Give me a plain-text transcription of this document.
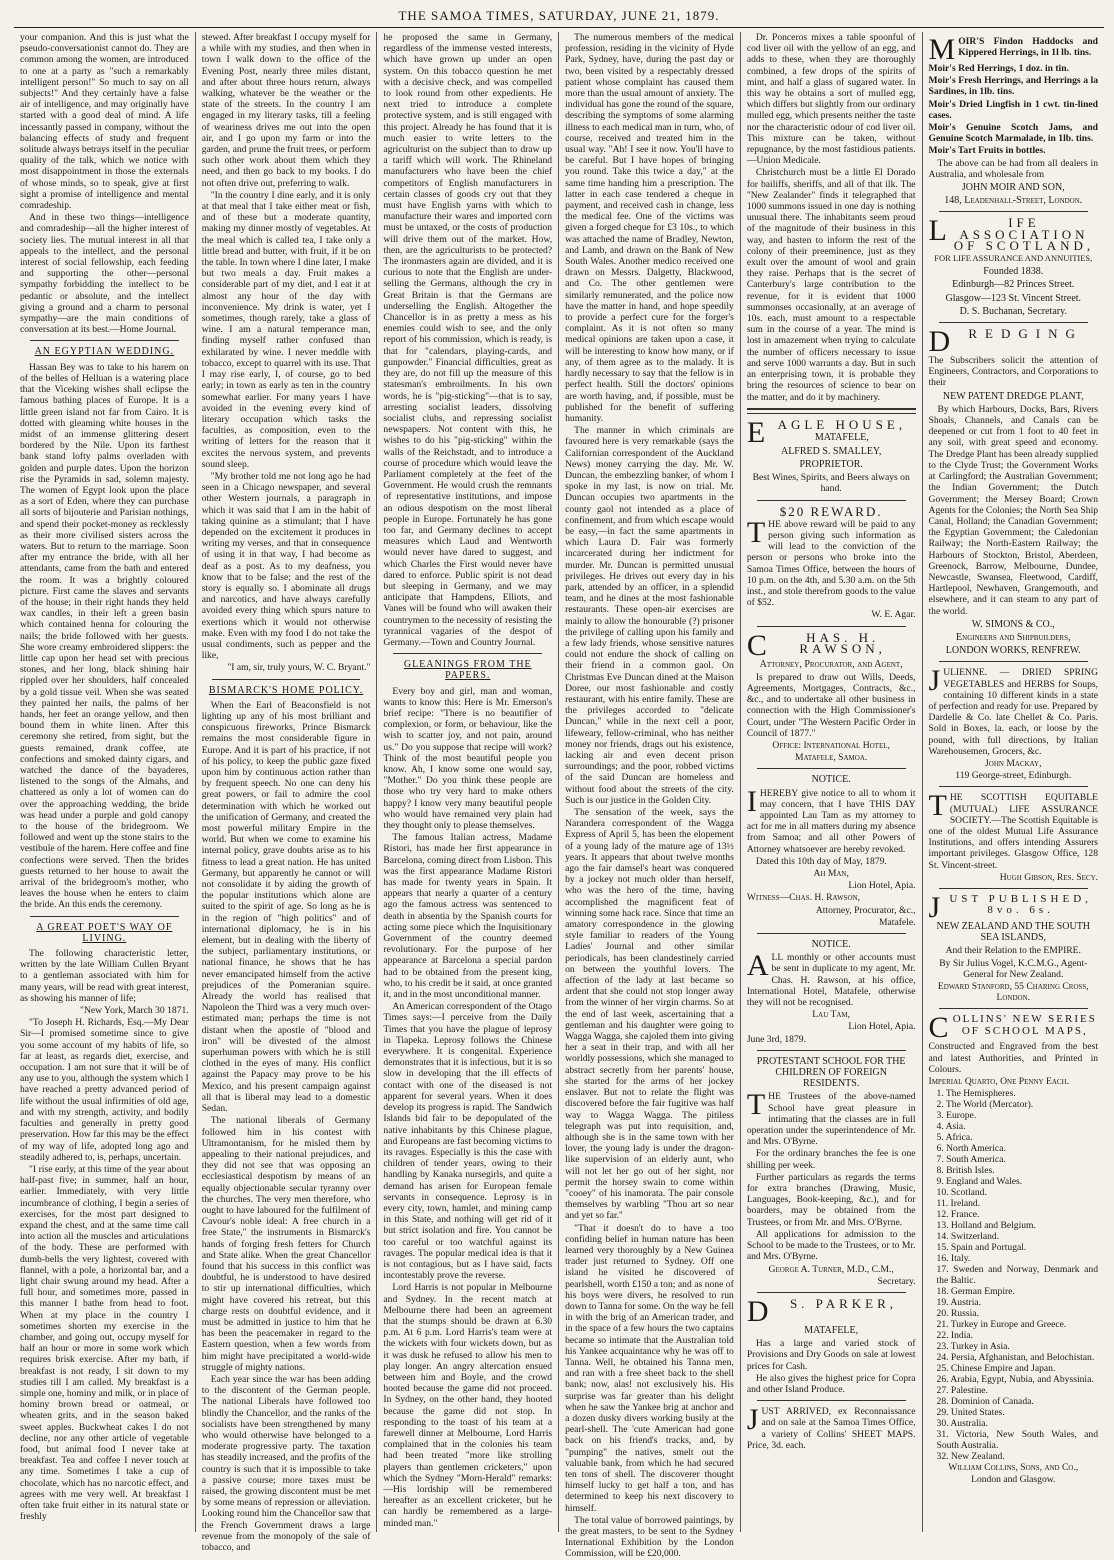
THE SAMOA TIMES, SATURDAY, JUNE 21, 1879.

your companion. And this is just what the pseudo-conversationist cannot do. They are common among the women, are introduced to one at a party as "such a remarkably intelligent person!" So much to say on all subjects!" And they certainly have a false air of intelligence, and may originally have started with a good deal of mind. A life incessantly passed in company, without the balancing effects of study and frequent solitude always betrays itself in the peculiar quality of the talk, which we notice with most disappointment in those the externals of whose minds, so to speak, give at first sight a promise of intelligence and mental comradeship.

And in these two things—intelligence and comradeship—all the higher interest of society lies. The mutual interest in all that appeals to the intellect, and the personal interest of social fellowship, each feeding and supporting the other—personal sympathy forbidding the intellect to be pedantic or absolute, and the intellect giving a ground and a charm to personal sympathy—are the main conditions of conversation at its best.—Home Journal.

AN EGYPTIAN WEDDING.

Hassan Bey was to take to his harem on of the belles of Helluan is a watering place that the Viceking wishes shall eclipse the famous bathing places of Europe. It is a little green island not far from Cairo. It is dotted with gleaming white houses in the midst of an immense glittering desert bordered by the Nile. Upon its farthest bank stand lofty palms overladen with golden and purple dates. Upon the horizon rise the Pyramids in sad, solemn majesty. The women of Egypt look upon the place as a sort of Eden, where they can purchase all sorts of bijouterie and Parisian nothings, and spend their pocket-money as recklessly as their more civilised sisters across the waters. But to return to the marriage. Soon after my entrance the bride, with all her attendants, came from the bath and entered the room. It was a brightly coloured picture. First came the slaves and servants of the house; in their right hands they held wax candles, in their left a green basin which contained henna for colouring the nails; the bride followed with her guests. She wore creamy embroidered slippers: the little cap upon her head set with precious stones, and her long, black shining hair rippled over her shoulders, half concealed by a gold tissue veil. When she was seated they painted her nails, the palms of her hands, her feet an orange yellow, and then bound them in white linen. After this ceremony she retired, from sight, but the guests remained, drank coffee, ate confections and smoked dainty cigars, and watched the dance of the bayaderes, listened to the songs of the Almahs, and chattered as only a lot of women can do over the approaching wedding, the bride was head under a purple and gold canopy to the house of the bridegroom. We followed and went up the stone stairs to the vestibule of the harem. Here coffee and fine confections were served. Then the brides guests returned to her house to await the arrival of the bridegroom's mother, who leaves the house when he enters to claim the bride. An this ends the ceremony.

A GREAT POET'S WAY OF LIVING.

The following characteristic letter, written by the late William Cullen Bryant to a gentleman associated with him for many years, will be read with great interest, as showing his manner of life;

"New York, March 30 1871.

"To Joseph H. Richards, Esq.—My Dear Sir—I promised sometime since to give you some account of my habits of life, so far at least, as regards diet, exercise, and occupation. I am not sure that it will be of any use to you, although the system which I have reached a pretty advanced period of life without the usual infirmities of old age, and with my strength, activity, and bodily faculties and generally in pretty good preservation. How far this may be the effect of my way of life, adopted long ago and steadily adhered to, is, perhaps, uncertain.

"I rise early, at this time of the year about half-past five; in summer, half an hour, earlier. Immediately, with very little incumbrance of clothing, I begin a series of exercises, for the most part designed to expand the chest, and at the same time call into action all the muscles and articulations of the body. These are performed with dumb-bells the very lightest, covered with flannel, with a pole, a horizontal bar, and a light chair swung around my head. After a full hour, and sometimes more, passed in this manner I bathe from head to foot. When at my place in the country I sometimes shorten my exercise in the chamber, and going out, occupy myself for half an hour or more in some work which requires brisk exercise. After my bath, if breakfast is not ready, I sit down to my studies till I am called. My breakfast is a simple one, hominy and milk, or in place of hominy brown bread or oatmeal, or wheaten grits, and in the season baked sweet apples. Buckwheat cakes I do not decline, nor any other article of vegetable food, but animal food I never take at breakfast. Tea and coffee I never touch at any time. Sometimes I take a cup of chocolate, which has no narcotic effect, and agrees with me very well. At breakfast I often take fruit either in its natural state or freshly

stewed. After breakfast I occupy myself for a while with my studies, and then when in town I walk down to the office of the Evening Post, nearly three miles distant, and after about three hours return, always walking, whatever be the weather or the state of the streets. In the country I am engaged in my literary tasks, till a feeling of weariness drives me out into the open air, and I go upon my farm or into the garden, and prune the fruit trees, or perform such other work about them which they need, and then go back to my books. I do not often drive out, preferring to walk.

"In the country I dine early, and it is only at that meal that I take either meat or fish, and of these but a moderate quantity, making my dinner mostly of vegetables. At the meal which is called tea, I take only a little bread and butter, with fruit, if it be on the table. In town where I dine later, I make but two meals a day. Fruit makes a considerable part of my diet, and I eat it at almost any hour of the day with inconvenience. My drink is water, yet I sometimes, though rarely, take a glass of wine. I am a natural temperance man, finding myself rather confused than exhilarated by wine. I never meddle with tobacco, except to quarrel with its use. That I may rise early, I, of course, go to bed early; in town as early as ten in the country somewhat earlier. For many years I have avoided in the evening every kind of literary occupation which tasks the faculties, as composition, even to the writing of letters for the reason that it excites the nervous system, and prevents sound sleep.

"My brother told me not long ago he had seen in a Chicago newspaper, and several other Western journals, a paragraph in which it was said that I am in the habit of taking quinine as a stimulant; that I have depended on the excitement it produces in writing my verses, and that in consequence of using it in that way, I had become as deaf as a post. As to my deafness, you know that to be false; and the rest of the story is equally so. I abominate all drugs and narcotics, and have always carefully avoided every thing which spurs nature to exertions which it would not otherwise make. Even with my food I do not take the usual condiments, such as pepper and the like,

"I am, sir, truly yours, W. C. Bryant."

BISMARCK'S HOME POLICY.

When the Earl of Beaconsfield is not lighting up any of his most brilliant and conspicuous fireworks, Prince Bismarck remains the most considerable figure in Europe. And it is part of his practice, if not of his policy, to keep the public gaze fixed upon him by continuous action rather than by frequent speech. No one can deny his great powers, or fail to admire the cool determination with which he worked out the unification of Germany, and created the most powerful military Empire in the world. But when we come to examine his internal policy, grave doubts arise as to his fitness to lead a great nation. He has united Germany, but apparently he cannot or will not consolidate it by aiding the growth of the popular institutions which alone are suited to the spirit of age. So long as he is in the region of "high politics" and of international diplomacy, he is in his element, but in dealing with the liberty of the subject, parliamentary institutions, or national finance, he shows that he has never emancipated himself from the active prejudices of the Pomeranian squire. Already the world has realised that Napoleon the Third was a very much over-estimated man; perhaps the time is not distant when the apostle of "blood and iron" will be divested of the almost superhuman powers with which he is still clothed in the eyes of many. His conflict against the Papacy may prove to be his Mexico, and his present campaign against all that is liberal may lead to a domestic Sedan.

The national liberals of Germany followed him in his contest with Ultramontanism, for he misled them by appealing to their national prejudices, and they did not see that was opposing an ecclesiastical despotism by means of an equally objectionable secular tyranny over the churches. The very men therefore, who ought to have laboured for the fulfilment of Cavour's noble ideal: A free church in a free State," the instruments in Bismarck's hands of forging fresh fetters for Church and State alike. When the great Chancellor found that his success in this conflict was doubtful, he is understood to have desired to stir up international difficulties, which might have covered his retreat, but this charge rests on doubtful evidence, and it must be admitted in justice to him that he has been the peacemaker in regard to the Eastern question, when a few words from him might have precipitated a world-wide struggle of mighty nations.

Each year since the war has been adding to the discontent of the German people. The national Liberals have followed too blindly the Chancellor, and the ranks of the socialists have been strengthened by many who would otherwise have belonged to a moderate progressive party. The taxation has steadily increased, and the profits of the country is such that it is impossible to take a passive course; more taxes must be raised, the growing discontent must be met by some means of repression or alleviation. Looking round him the Chancellor saw that the French Government draws a large revenue from the monopoly of the sale of tobacco, and

he proposed the same in Germany, regardless of the immense vested interests, which have grown up under an open system. On this tobacco question he met with a decisive check, and was compelled to look round from other expedients. He next tried to introduce a complete protective system, and is still engaged with this project. Already he has found that it is much easier to write letters to the agriculturist on the subject than to draw up a tariff which will work. The Rhineland manufacturers who have been the chief competitors of English manufacturers in certain classes of goods cry out that they must have English yarns with which to manufacture their wares and imported corn must be untaxed, or the costs of production will drive them out of the market. How, then, are the agriculturists to be protected? The ironmasters again are divided, and it is curious to note that the English are under-selling the Germans, although the cry in Great Britain is that the Germans are underselling the English. Altogether the Chancellor is in as pretty a mess as his enemies could wish to see, and the only report of his commission, which is ready, is that for "calendars, playing-cards, and gunpowder." Financial difficulties, great as they are, do not fill up the measure of this statesman's embroilments. In his own words, he is "pig-sticking"—that is to say, arresting socialist leaders, dissolving socialist clubs, and repressing socialist newspapers. Not content with this, he wishes to do his "pig-sticking" within the walls of the Reichstadt, and to introduce a course of procedure which would leave the Parliament completely at the feet of the Government. He would crush the remnants of representative institutions, and impose an odious despotism on the most liberal people in Europe. Fortunately he has gone too far, and Germany declines to accept measures which Laud and Wentworth would never have dared to suggest, and which Charles the First would never have dared to enforce. Public spirit is not dead but sleeping in Germany, and we may anticipate that Hampdens, Elliots, and Vanes will be found who will awaken their countrymen to the necessity of resisting the tyrannical vagaries of the despot of Germany.—Town and Country Journal.

GLEANINGS FROM THE PAPERS.

Every boy and girl, man and woman, wants to know this: Here is Mr. Emerson's brief recipe: "There is no beautifier of complexion, or form, or behaviour, like the wish to scatter joy, and not pain, around us." Do you suppose that recipe will work? Think of the most beautiful people you know. Ah, I know some one would say, "Mother." Do you think these people are those who try very hard to make others happy? I know very many beautiful people who would have remained very plain had they thought only to please themselves.

The famous Italian actress, Madame Ristori, has made her first appearance in Barcelona, coming direct from Lisbon. This was the first appearance Madame Ristori has made for twenty years in Spain. It appears that nearly a quarter of a century ago the famous actress was sentenced to death in absentia by the Spanish courts for acting some piece which the Inquisitionary Government of the country deemed revolutionary. For the purpose of her appearance at Barcelona a special pardon had to be obtained from the present king, who, to his credit be it said, at once granted it, and in the most unconditional manner.

An American correspondent of the Otago Times says:—I perceive from the Daily Times that you have the plague of leprosy in Tiapeka. Leprosy follows the Chinese everywhere. It is congenital. Experience demonstrates that it is infectious, but it is so slow in developing that the ill effects of contact with one of the diseased is not apparent for several years. When it does develop its progress is rapid. The Sandwich Islands bid fair to be depopulated of the native inhabitants by this Chinese plague, and Europeans are fast becoming victims to its ravages. Especially is this the case with children of tender years, owing to their handling by Kanaka nursegirls, and quite a demand has arisen for European female servants in consequence. Leprosy is in every city, town, hamlet, and mining camp in this State, and nothing will get rid of it but strict isolation and fire. You cannot be too careful or too watchful against its ravages. The popular medical idea is that it is not contagious, but as I have said, facts incontestably prove the reverse.

Lord Harris is not popular in Melbourne and Sydney. In the recent match at Melbourne there had been an agreement that the stumps should be drawn at 6.30 p.m. At 6 p.m. Lord Harris's team were at the wickets with four wickets down, but as it was dusk he refused to allow his men to play longer. An angry altercation ensued between him and Boyle, and the crowd hooted because the game did not proceed. In Sydney, on the other hand, they hooted because the game did not stop. In responding to the toast of his team at a farewell dinner at Melbourne, Lord Harris complained that in the colonies his team had been treated "more like strolling players than gentlemen cricketers," upon which the Sydney "Morn-Herald" remarks:—His lordship will be remembered hereafter as an excellent cricketer, but he can hardly be remembered as a large-minded man."

The numerous members of the medical profession, residing in the vicinity of Hyde Park, Sydney, have, during the past day or two, been visited by a respectably dressed patient whose complaint has caused them more than the usual amount of anxiety. The individual has gone the round of the square, describing the symptoms of some alarming illness to each medical man in turn, who, of course, received and treated him in the usual way. "Ah! I see it now. You'll have to be careful. But I have hopes of bringing you round. Take this twice a day," at the same time handing him a prescription. The latter in each case tendered a cheque in payment, and received cash in change, less the medical fee. One of the victims was given a forged cheque for £3 10s., to which was attached the name of Bradley, Newton, and Lamb, and drawn on the Bank of New South Wales. Another medico received one drawn on Messrs. Dalgetty, Blackwood, and Co. The other gentlemen were similarly remunerated, and the police now have the matter in hand, and hope speedily to provide a perfect cure for the forger's complaint. As it is not often so many medical opinions are taken upon a case, it will be interesting to know how many, or if any, of them agree as to the malady. It is hardly necessary to say that the fellow is in perfect health. Still the doctors' opinions are worth having, and, if possible, must be published for the benefit of suffering humanity.

The manner in which criminals are favoured here is very remarkable (says the Californian correspondent of the Auckland News) money carrying the day. Mr. W. Duncan, the embezzling banker, of whom I spoke in my last, is now on trial. Mr. Duncan occupies two apartments in the county gaol not intended as a place of confinement, and from which escape would be easy,—in fact the same apartments in which Laura D. Fair was formerly incarcerated during her indictment for murder. Mr. Duncan is permitted unusual privileges. He drives out every day in his park, attended by an officer, in a splendid team, and he dines at the most fashionable restaurants. These open-air exercises are mainly to allow the honourable (?) prisoner the privilege of calling upon his family and a few lady friends, whose sensitive natures could not endure the shock of calling on their friend in a common gaol. On Christmas Eve Duncan dined at the Maison Doree, our most fashionable and costly restaurant, with his entire family. These are the privileges accorded to "delicate Duncan," while in the next cell a poor, lifeweary, fellow-criminal, who has neither money nor friends, drags out his existence, lacking air and even decent prison surroundings; and the poor, robbed victims of the said Duncan are homeless and without food about the streets of the city. Such is our justice in the Golden City.

The sensation of the week, says the Narandera correspondent of the Wagga Express of April 5, has been the elopement of a young lady of the mature age of 13½ years. It appears that about twelve months ago the fair damsel's heart was conquered by a jockey not much older than herself, who was the hero of the time, having accomplished the magnificent feat of winning some hack race. Since that time an amatory correspondence in the glowing style familiar to readers of the Young Ladies' Journal and other similar periodicals, has been clandestinely carried on between the youthful lovers. The affection of the lady at last became so ardent that she could not stop longer away from the winner of her virgin charms. So at the end of last week, ascertaining that a gentleman and his daughter were going to Wagga Wagga, she cajoled them into giving her a seat in their trap, and with all her worldly possessions, which she managed to abstract secretly from her parents' house, she started for the arms of her jockey enslaver. But not to relate the flight was discovered before the fair fugitive was half way to Wagga Wagga. The pitiless telegraph was put into requisition, and, although she is in the same town with her lover, the young lady is under the dragon-like supervision of an elderly aunt, who will not let her go out of her sight, nor permit the horsey swain to come within "cooey" of his inamorata. The pair console themselves by warbling "Thou art so near and yet so far."

"That it doesn't do to have a too confiding belief in human nature has been learned very thoroughly by a New Guinea trader just returned to Sydney. Off one island he visited he discovered of pearlshell, worth £150 a ton; and as none of his boys were divers, he resolved to run down to Tanna for some. On the way he fell in with the brig of an American trader, and in the space of a few hours the two captains became so intimate that the Australian told his Yankee acquaintance why he was off to Tanna. Well, he obtained his Tanna men, and ran with a free sheet back to the shell bank; now, alas! not exclusively his. His surprise was far greater than his delight when he saw the Yankee brig at anchor and a dozen dusky divers working busily at the pearl-shell. The 'cute American had gone back on his friend's tracks, and, by "pumping" the natives, smelt out the valuable bank, from which he had secured ten tons of shell. The discoverer thought himself lucky to get half a ton, and has determined to keep his next discovery to himself.

The total value of borrowed paintings, by the great masters, to be sent to the Sydney International Exhibition by the London Commission, will be £20,000.

Dr. Ponceros mixes a table spoonful of cod liver oil with the yellow of an egg, and adds to these, when they are thoroughly combined, a few drops of the spirits of mint, and half a glass of sugared water. In this way he obtains a sort of mulled egg, which differs but slightly from our ordinary mulled egg, which presents neither the taste nor the characteristic odour of cod liver oil. This mixture can be taken, without repugnance, by the most fastidious patients.—Union Medicale.

Christchurch must be a little El Dorado for bailiffs, sheriffs, and all of that ilk. The "New Zealander" finds it telegraphed that 1000 summons issued in one day is nothing unusual there. The inhabitants seem proud of the magnitude of their business in this way, and hasten to inform the rest of the colony of their preeminence, just as they exult over the amount of wool and grain they raise. Perhaps that is the secret of Canterbury's large contribution to the revenue, for it is evident that 1000 summonses occasionally, at an average of 10s. each, must amount to a respectable sum in the course of a year. The mind is lost in amazement when trying to calculate the number of officers necessary to issue and serve 1000 warrants a day. But in such an enterprising town, it is probable they bring the resources of science to bear on the matter, and do it by machinery.

E AGLE HOUSE,
MATAFELE,
ALFRED S. SMALLEY,
PROPRIETOR.

Best Wines, Spirits, and Beers always on hand.

$20 REWARD.

THE above reward will be paid to any person giving such information as will lead to the conviction of the person or persons who broke into the Samoa Times Office, between the hours of 10 p.m. on the 4th, and 5.30 a.m. on the 5th inst., and stole therefrom goods to the value of $52.

W. E. Agar.

C	HAS. H. RAWSON,
Attorney, Procurator, and Agent,

Is prepared to draw out Wills, Deeds, Agreements, Mortgages, Contracts, &c., &c., and to undertake all other business in connection with the High Commissioner's Court, under "The Western Pacific Order in Council of 1877."

Office: International Hotel,

Matafele, Samoa.

NOTICE.

IHEREBY give notice to all to whom it may concern, that I have THIS DAY appointed Lau Tam as my attorney to act for me in all matters during my absence from Samoa; and all other Powers of Attorney whatsoever are hereby revoked.

Dated this 10th day of May, 1879.

Ah Man,

Lion Hotel, Apia.

Witness—Chas. H. Rawson,

Attorney, Procurator, &c.,

Matafele.

NOTICE.

ALL monthly or other accounts must be sent in duplicate to my agent, Mr. Chas. H. Rawson, at his office, International Hotel, Matafele, otherwise they will not be recognised.

Lau Tam,

Lion Hotel, Apia.

June 3rd, 1879.

PROTESTANT SCHOOL FOR THE CHILDREN OF FOREIGN RESIDENTS.

THE Trustees of the above-named School have great pleasure in intimating that the classes are in full operation under the superintendence of Mr. and Mrs. O'Byrne.

For the ordinary branches the fee is one shilling per week.

Further particulars as regards the terms for extra branches (Drawing, Music, Languages, Book-keeping, &c.), and for boarders, may be obtained from the Trustees, or from Mr. and Mrs. O'Byrne.

All applications for admission to the School to be made to the Trustees, or to Mr. and Mrs. O'Byrne.

George A. Turner, M.D., C.M.,

Secretary.

D	S. PARKER,
MATAFELE,

Has a large and varied stock of Provisions and Dry Goods on sale at lowest prices for Cash.

He also gives the highest price for Copra and other Island Produce.

JUST ARRIVED, ex Reconnaissance and on sale at the Samoa Times Office, a variety of Collins' SHEET MAPS. Price, 3d. each.

M OIR'S Findon Haddocks and Kippered Herrings, in 1l lb. tins.

Moir's Red Herrings, 1 doz. in tin.

Moir's Fresh Herrings, and Herrings a la Sardines, in 1lb. tins.

Moir's Dried Lingfish in 1 cwt. tin-lined cases.

Moir's Genuine Scotch Jams, and Genuine Scotch Marmalade, in 1lb. tins.

Moir's Tart Fruits in bottles.

The above can be had from all dealers in Australia, and wholesale from

JOHN MOIR AND SON,
148, Leadenhall-Street, London.
L	IFE ASSOCIATION OF SCOTLAND,
FOR LIFE ASSURANCE AND ANNUITIES,
Founded 1838.
Edinburgh—82 Princes Street.
Glasgow—123 St. Vincent Street.
D. S. Buchanan, Secretary.
D	REDGING

The Subscribers solicit the attention of Engineers, Contractors, and Corporations to their

NEW PATENT DREDGE PLANT,

By which Harbours, Docks, Bars, Rivers Shoals, Channels, and Canals can be deepened or cut from 1 foot to 40 feet in any soil, with great speed and economy. The Dredge Plant has been already supplied to the Clyde Trust; the Government Works at Carlingford; the Australian Government; the Indian Government; the Dutch Government; the Mersey Board; Crown Agents for the Colonies; the North Sea Ship Canal, Holland; the Canadian Government; the Egyptian Government; the Caledonian Railway; the North-Eastern Railway; the Harbours of Stockton, Bristol, Aberdeen, Greenock, Barrow, Melbourne, Dundee, Newcastle, Swansea, Fleetwood, Cardiff, Hartlepool, Newhaven, Grangemouth, and elsewhere, and it can steam to any part of the world.

W. SIMONS & CO.,
Engineers and Shipbuilders,
LONDON WORKS, RENFREW.

JULIENNE. — DRIED SPRING VEGETABLES and HERBS for Soups, containing 10 different kinds in a state of perfection and ready for use. Prepared by Dardelle & Co. late Chellet & Co. Paris. Sold in Boxes, la. each, or loose by the pound, with full directions, by Italian Warehousemen, Grocers, &c.

John Mackay,

119 George-street, Edinburgh.

THE SCOTTISH EQUITABLE (MUTUAL) LIFE ASSURANCE SOCIETY.—The Scottish Equitable is one of the oldest Mutual Life Assurance Institutions, and offers intending Assurers important privileges. Glasgow Office, 128 St. Vincent-street.

Hugh Gibson, Res. Secy.

J UST PUBLISHED, 8vo. 6s.
NEW ZEALAND AND THE SOUTH SEA ISLANDS,

And their Relation to the EMPIRE.

By Sir Julius Vogel, K.C.M.G., Agent-General for New Zealand.

Edward Stanford, 55 Charing Cross, London.

C OLLINS' NEW SERIES OF SCHOOL MAPS,

Constructed and Engraved from the best and latest Authorities, and Printed in Colours.

Imperial Quarto, One Penny Each.

1. The Hemispheres.
2. The World (Mercator).
3. Europe.
4. Asia.
5. Africa.
6. North America.
7. South America.
8. British Isles.
9. England and Wales.
10. Scotland.
11. Ireland.
12. France.
13. Holland and Belgium.
14. Switzerland.
15. Spain and Portugal.
16. Italy.
17. Sweden and Norway, Denmark and the Baltic.
18. German Empire.
19. Austria.
20. Russia.
21. Turkey in Europe and Greece.
22. India.
23. Turkey in Asia.
24. Persia, Afghanistan, and Belochistan.
25. Chinese Empire and Japan.
26. Arabia, Egypt, Nubia, and Abyssinia.
27. Palestine.
28. Dominion of Canada.
29. United States.
30. Australia.
31. Victoria, New South Wales, and South Australia.
32. New Zealand.

William Collins, Sons, and Co.,

London and Glasgow.
